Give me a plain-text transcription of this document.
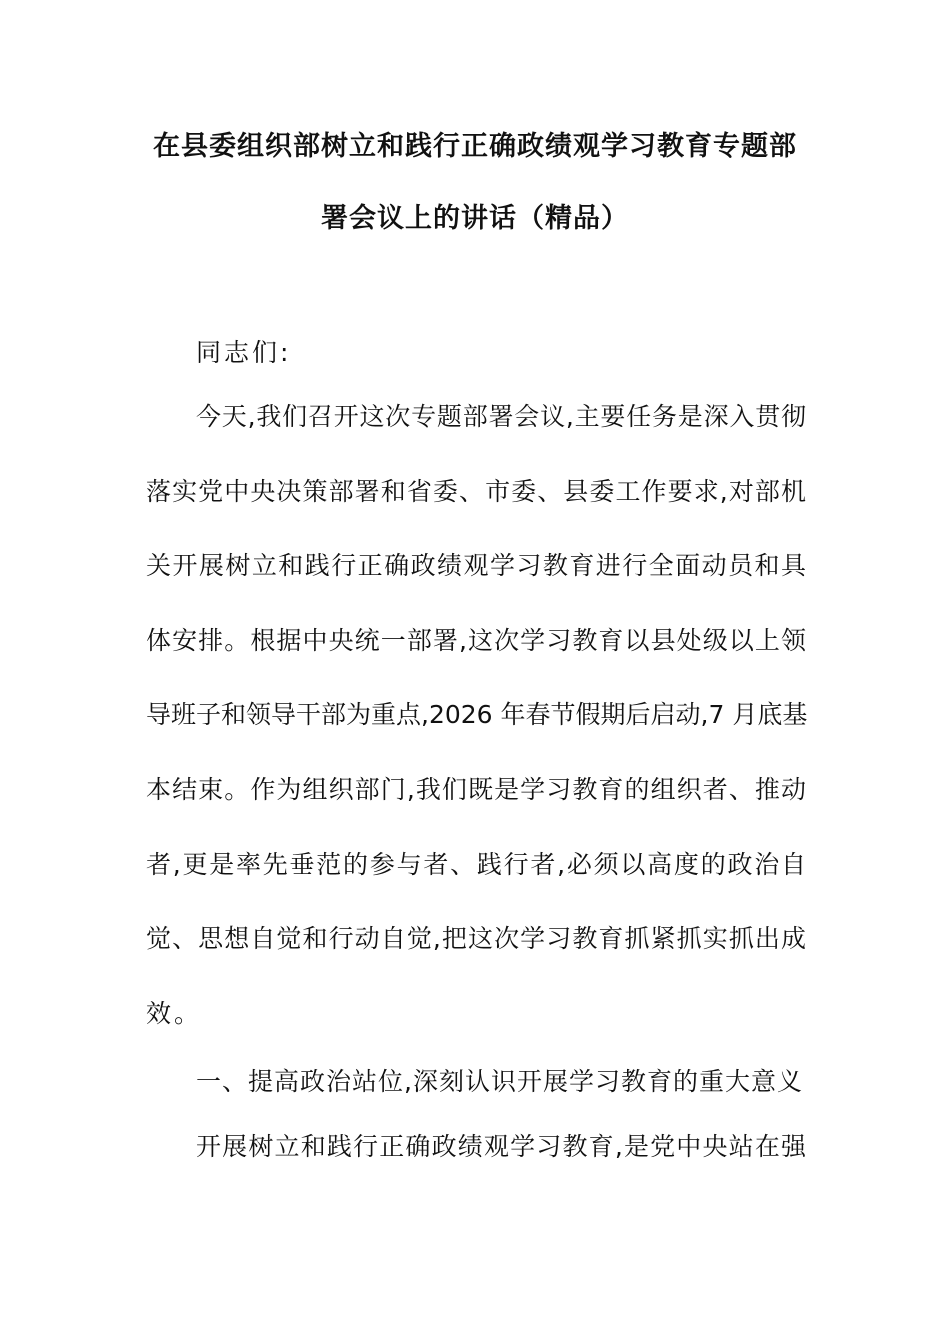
在县委组织部树立和践行正确政绩观学习教育专题部
署会议上的讲话（精品）
同志们:
今天,我们召开这次专题部署会议,主要任务是深入贯彻
落实党中央决策部署和省委、市委、县委工作要求,对部机
关开展树立和践行正确政绩观学习教育进行全面动员和具
体安排。根据中央统一部署,这次学习教育以县处级以上领
导班子和领导干部为重点,2026 年春节假期后启动,7 月底基
本结束。作为组织部门,我们既是学习教育的组织者、推动
者,更是率先垂范的参与者、践行者,必须以高度的政治自
觉、思想自觉和行动自觉,把这次学习教育抓紧抓实抓出成
效。
一、提高政治站位,深刻认识开展学习教育的重大意义
开展树立和践行正确政绩观学习教育,是党中央站在强
